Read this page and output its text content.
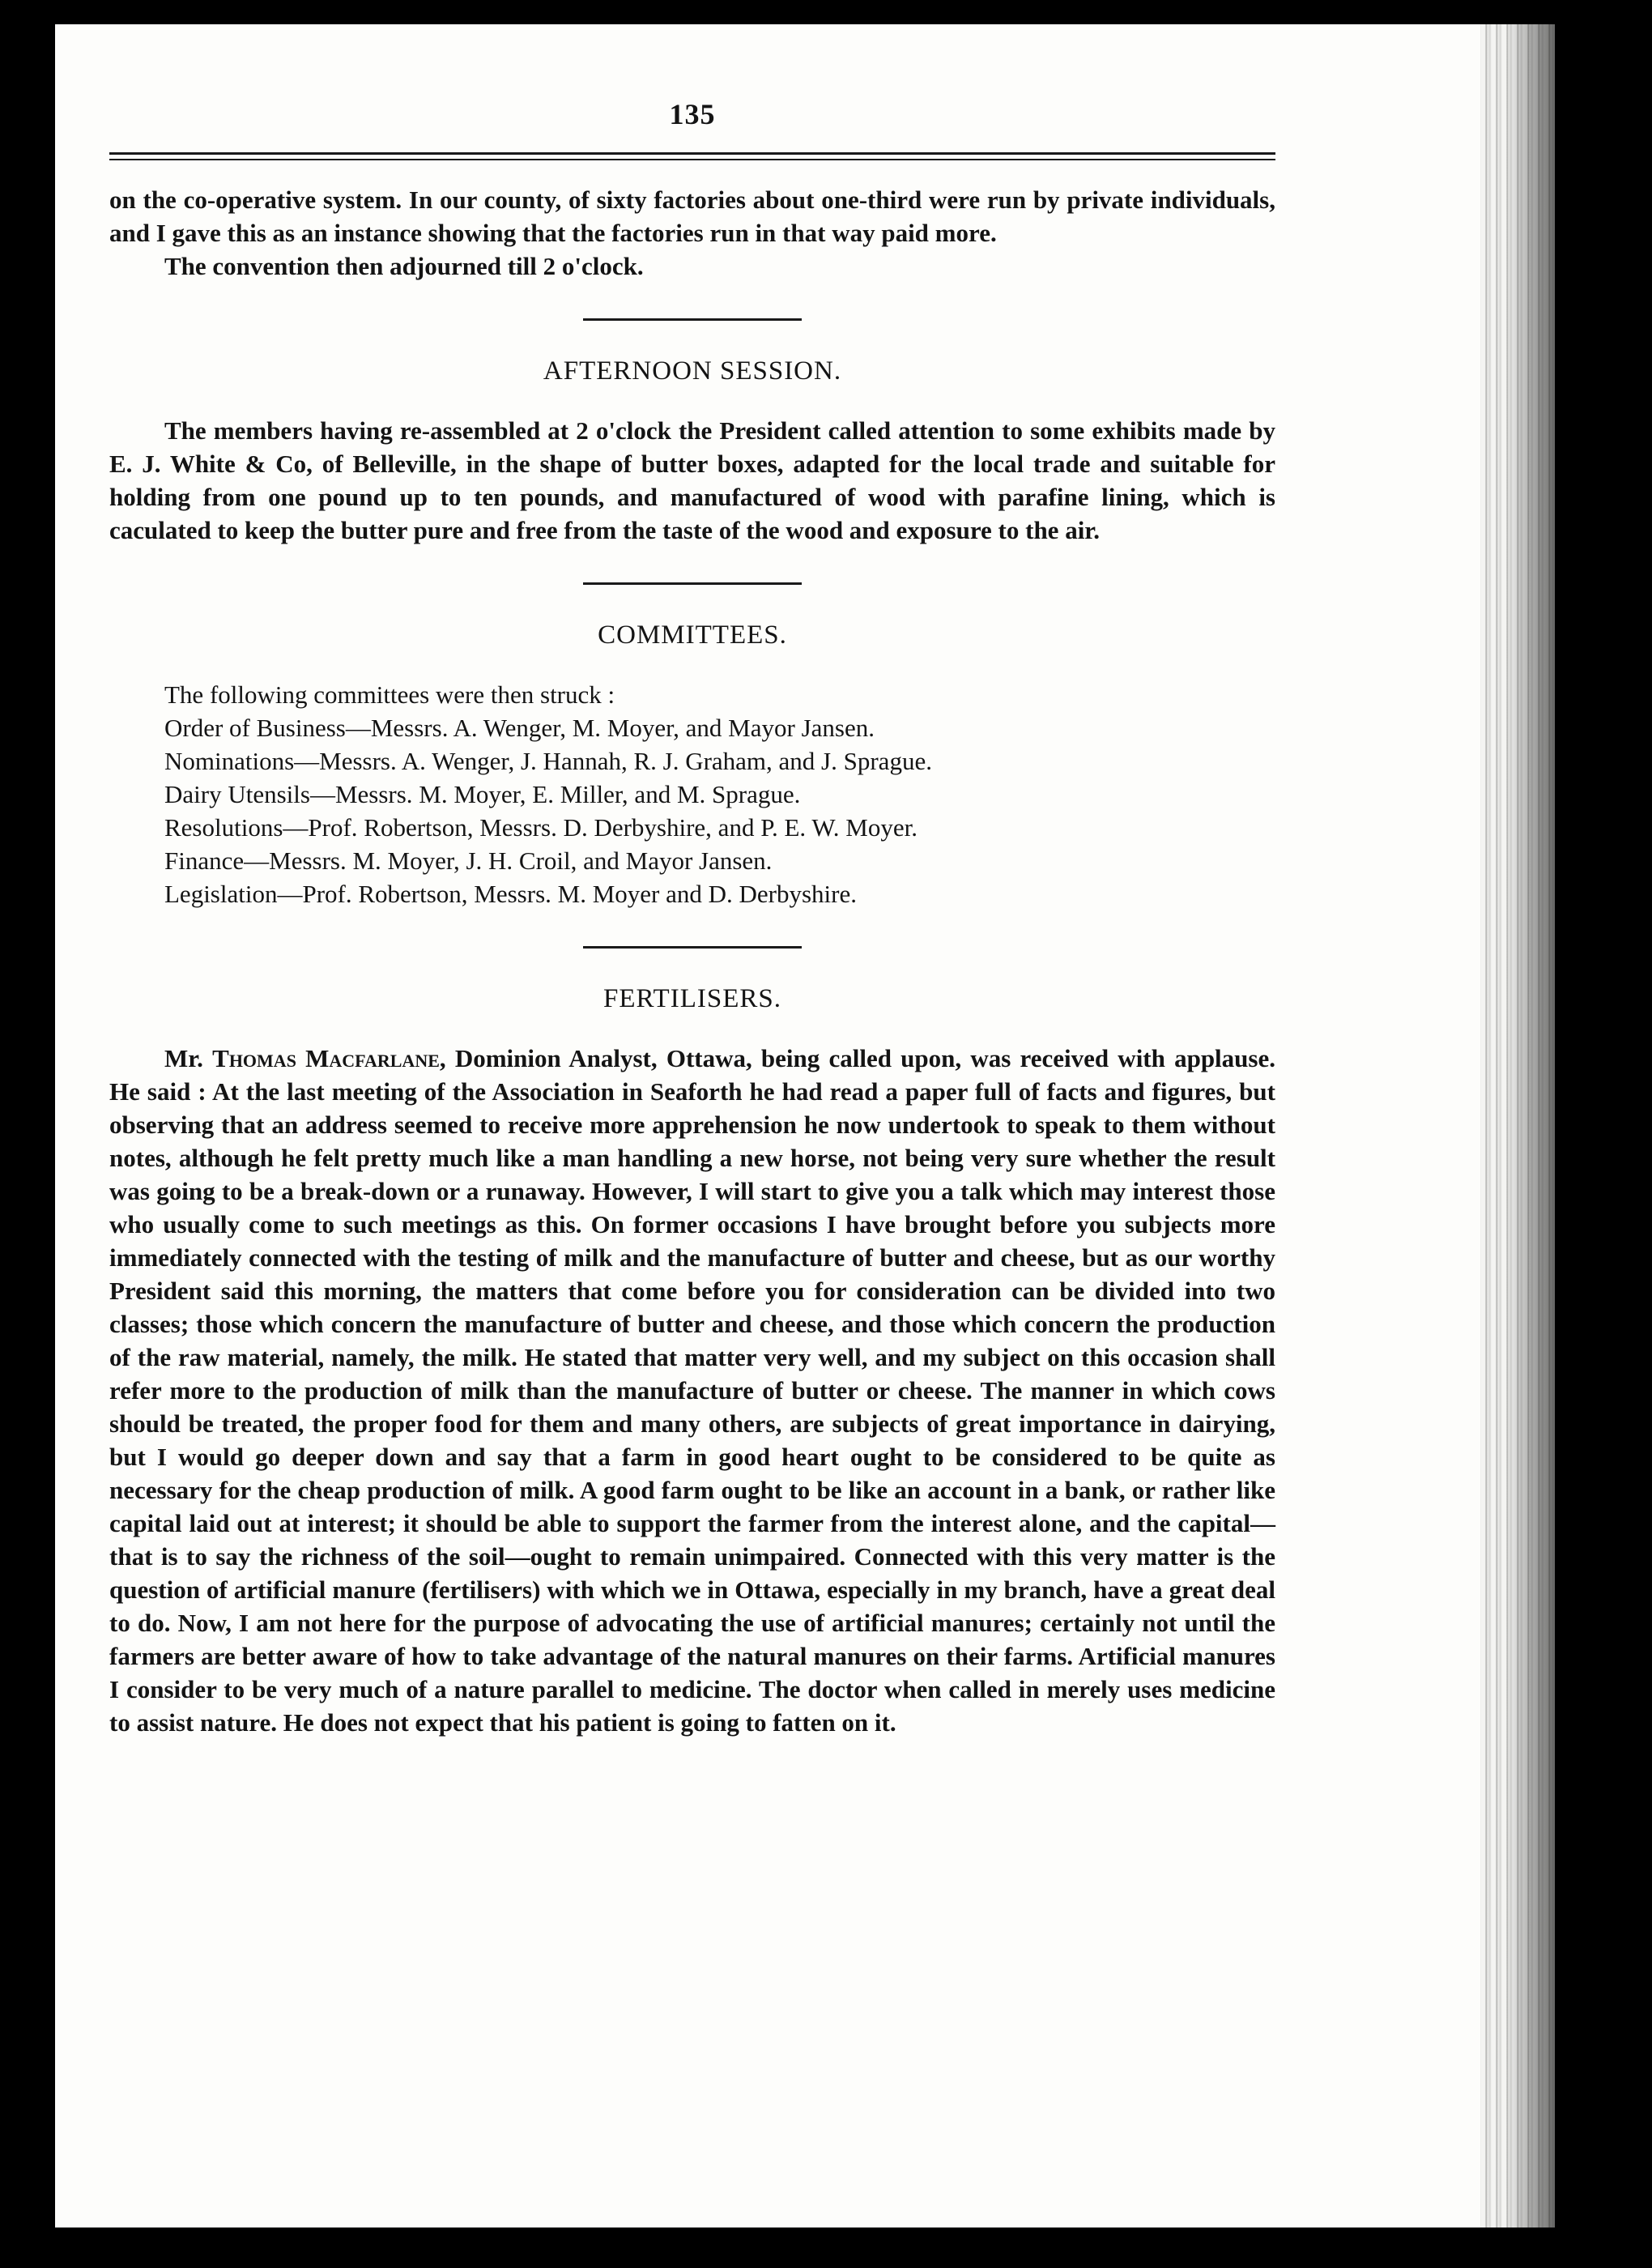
135

on the co-operative system. In our county, of sixty factories about one-third were run by private individuals, and I gave this as an instance showing that the factories run in that way paid more.

The convention then adjourned till 2 o'clock.

AFTERNOON SESSION.

The members having re-assembled at 2 o'clock the President called attention to some exhibits made by E. J. White & Co, of Belleville, in the shape of butter boxes, adapted for the local trade and suitable for holding from one pound up to ten pounds, and manufactured of wood with parafine lining, which is caculated to keep the butter pure and free from the taste of the wood and exposure to the air.

COMMITTEES.
The following committees were then struck :
Order of Business—Messrs. A. Wenger, M. Moyer, and Mayor Jansen.
Nominations—Messrs. A. Wenger, J. Hannah, R. J. Graham, and J. Sprague.
Dairy Utensils—Messrs. M. Moyer, E. Miller, and M. Sprague.
Resolutions—Prof. Robertson, Messrs. D. Derbyshire, and P. E. W. Moyer.
Finance—Messrs. M. Moyer, J. H. Croil, and Mayor Jansen.
Legislation—Prof. Robertson, Messrs. M. Moyer and D. Derbyshire.
FERTILISERS.

Mr. Thomas Macfarlane, Dominion Analyst, Ottawa, being called upon, was received with applause. He said : At the last meeting of the Association in Seaforth he had read a paper full of facts and figures, but observing that an address seemed to receive more apprehension he now undertook to speak to them without notes, although he felt pretty much like a man handling a new horse, not being very sure whether the result was going to be a break-down or a runaway. However, I will start to give you a talk which may interest those who usually come to such meetings as this. On former occasions I have brought before you subjects more immediately connected with the testing of milk and the manufacture of butter and cheese, but as our worthy President said this morning, the matters that come before you for consideration can be divided into two classes; those which concern the manufacture of butter and cheese, and those which concern the production of the raw material, namely, the milk. He stated that matter very well, and my subject on this occasion shall refer more to the production of milk than the manufacture of butter or cheese. The manner in which cows should be treated, the proper food for them and many others, are subjects of great importance in dairying, but I would go deeper down and say that a farm in good heart ought to be considered to be quite as necessary for the cheap production of milk. A good farm ought to be like an account in a bank, or rather like capital laid out at interest; it should be able to support the farmer from the interest alone, and the capital—that is to say the richness of the soil—ought to remain unimpaired. Connected with this very matter is the question of artificial manure (fertilisers) with which we in Ottawa, especially in my branch, have a great deal to do. Now, I am not here for the purpose of advocating the use of artificial manures; certainly not until the farmers are better aware of how to take advantage of the natural manures on their farms. Artificial manures I consider to be very much of a nature parallel to medicine. The doctor when called in merely uses medicine to assist nature. He does not expect that his patient is going to fatten on it.
